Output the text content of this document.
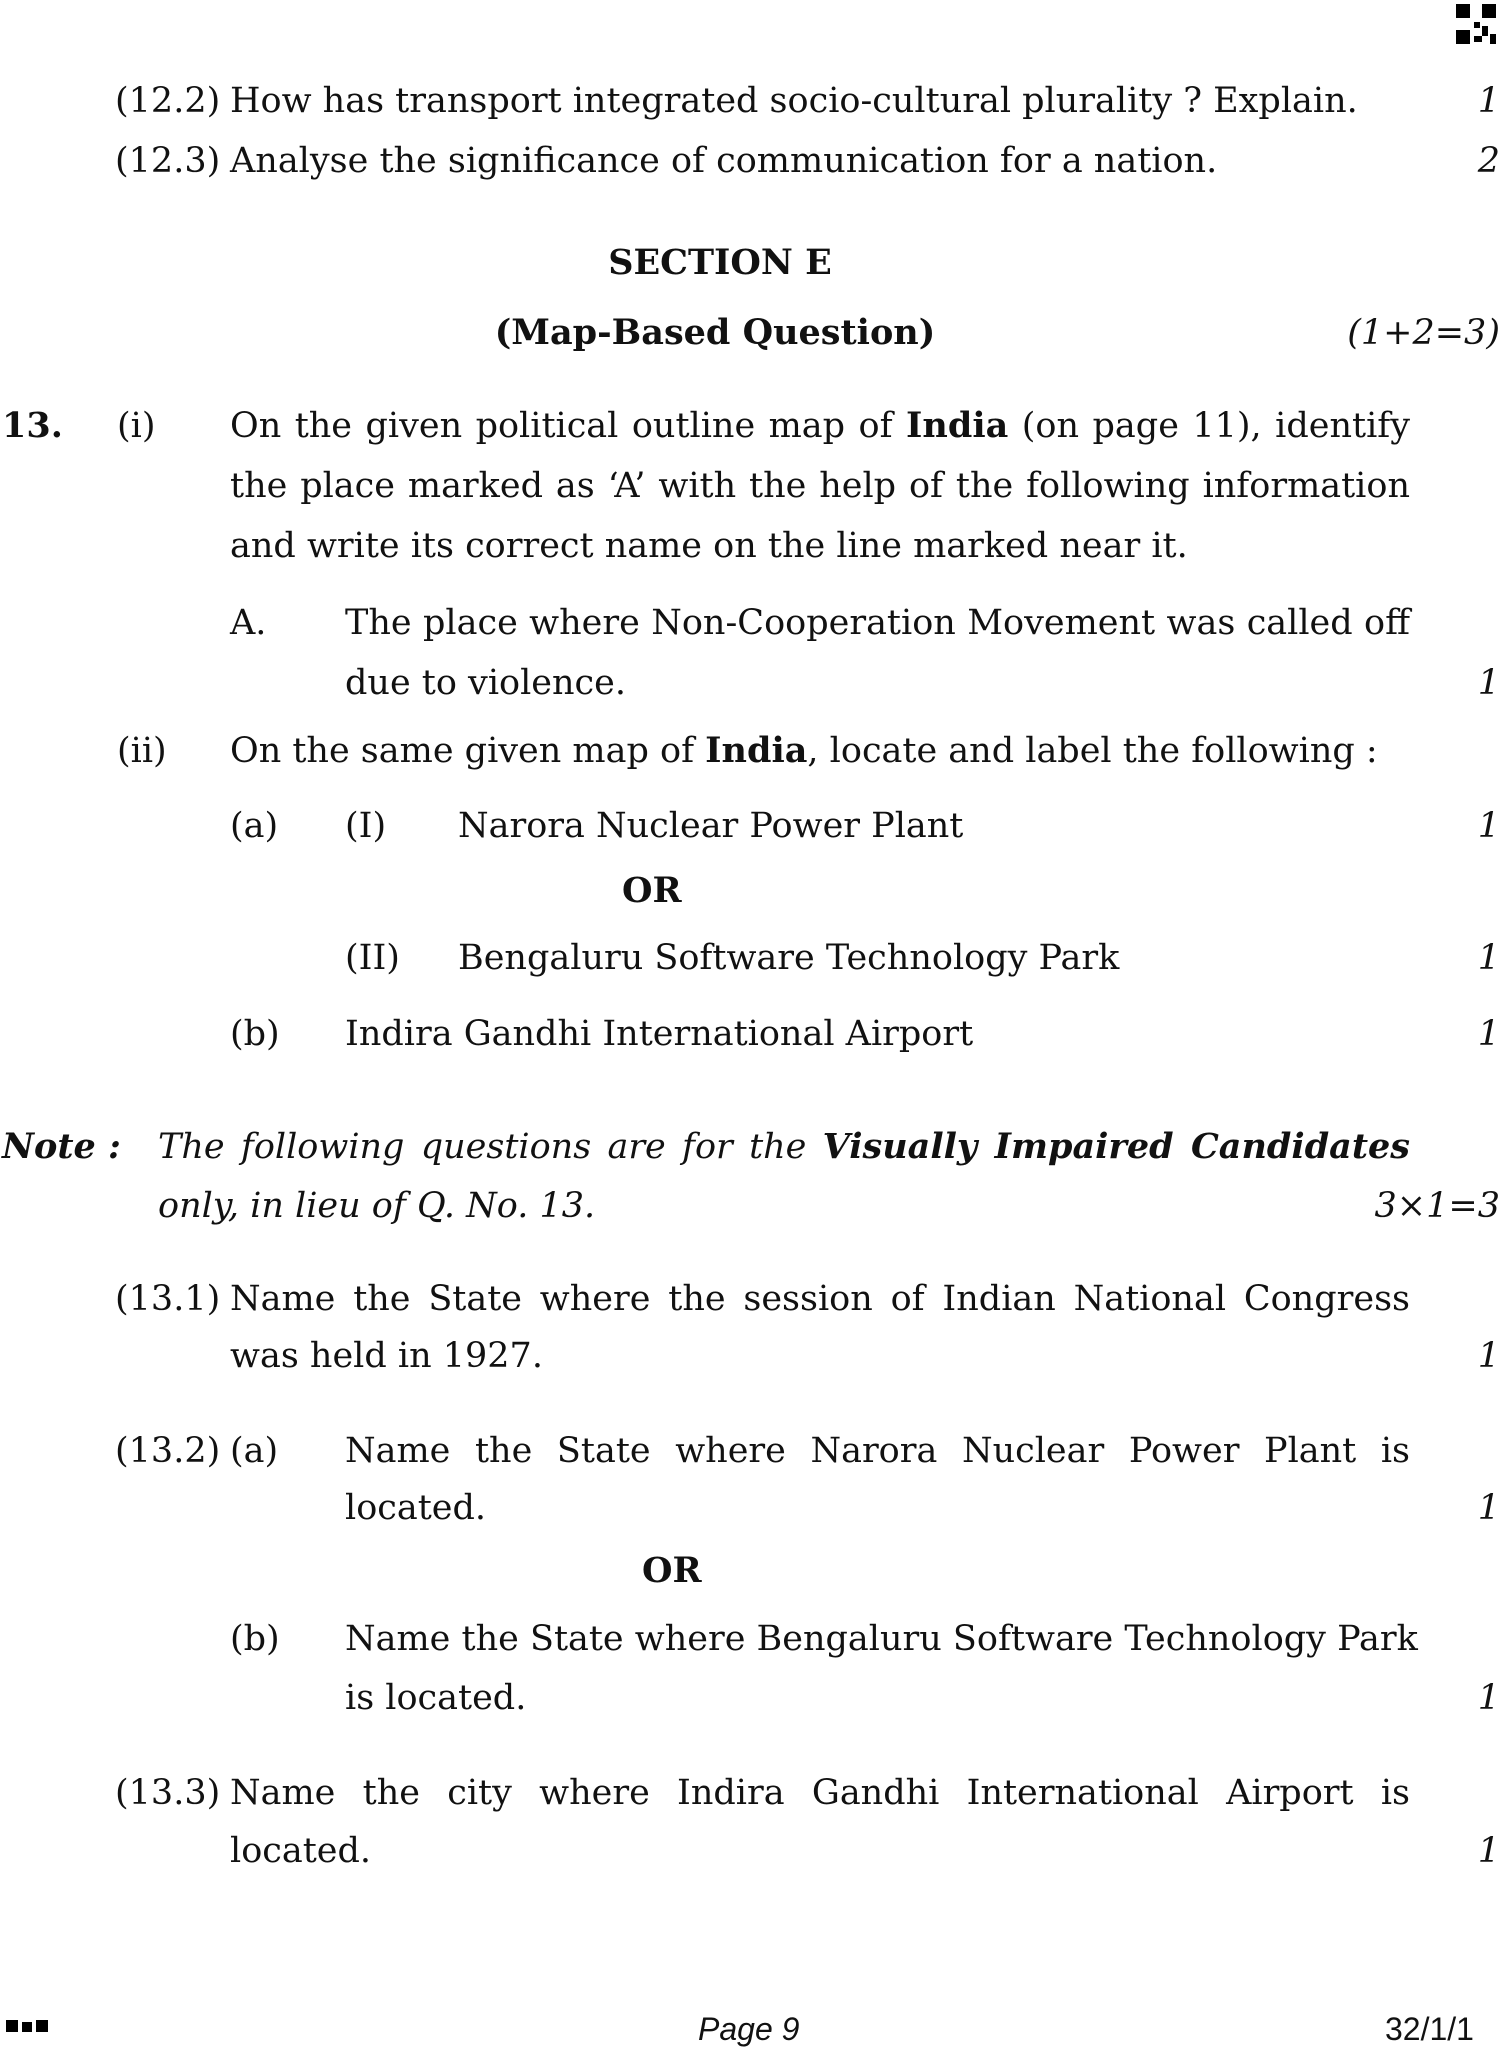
(12.2) How has transport integrated socio-cultural plurality ? Explain.	1
(12.3) Analyse the significance of communication for a nation.	2
SECTION E
(Map-Based Question)	(1+2=3)
13. (i) On the given political outline map of India (on page 11), identify
the place marked as ‘A’ with the help of the following information
and write its correct name on the line marked near it.
A. The place where Non-Cooperation Movement was called off
due to violence.	1
(ii) On the same given map of India, locate and label the following :
(a) (I) Narora Nuclear Power Plant	1
OR
(II) Bengaluru Software Technology Park	1
(b) Indira Gandhi International Airport	1
Note : The following questions are for the Visually Impaired Candidates
only, in lieu of Q. No. 13.	3×1=3
(13.1) Name the State where the session of Indian National Congress
was held in 1927.	1
(13.2) (a) Name the State where Narora Nuclear Power Plant is
located.	1
OR
(b) Name the State where Bengaluru Software Technology Park
is located.	1
(13.3) Name the city where Indira Gandhi International Airport is
located.	1
Page 9	32/1/1
